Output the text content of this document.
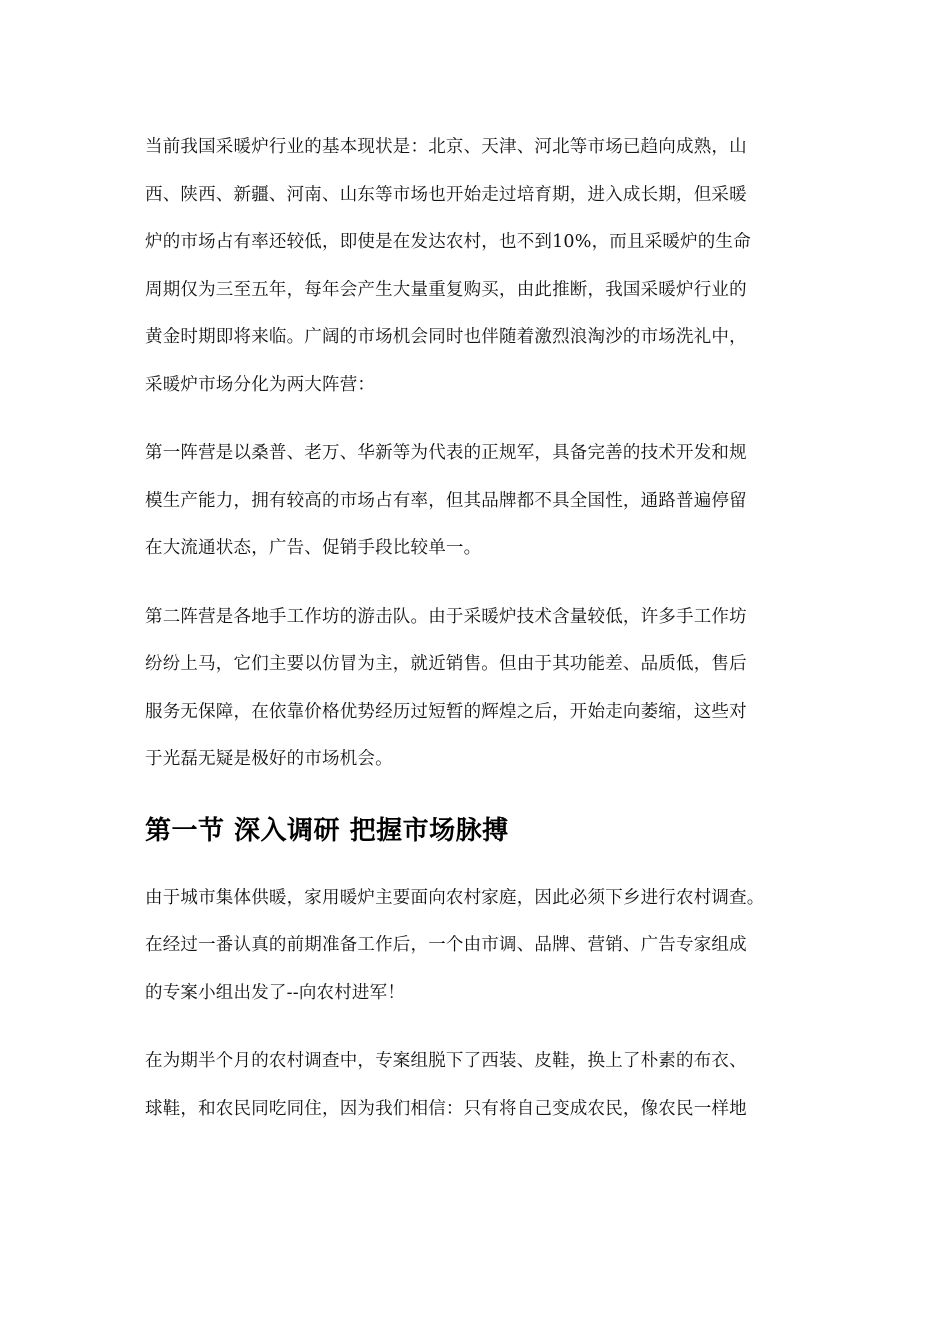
当前我国采暖炉行业的基本现状是：北京、天津、河北等市场已趋向成熟，山
西、陕西、新疆、河南、山东等市场也开始走过培育期，进入成长期，但采暖
炉的市场占有率还较低，即使是在发达农村，也不到10%，而且采暖炉的生命
周期仅为三至五年，每年会产生大量重复购买，由此推断，我国采暖炉行业的
黄金时期即将来临。广阔的市场机会同时也伴随着激烈浪淘沙的市场洗礼中，
采暖炉市场分化为两大阵营：
第一阵营是以桑普、老万、华新等为代表的正规军，具备完善的技术开发和规
模生产能力，拥有较高的市场占有率，但其品牌都不具全国性，通路普遍停留
在大流通状态，广告、促销手段比较单一。
第二阵营是各地手工作坊的游击队。由于采暖炉技术含量较低，许多手工作坊
纷纷上马，它们主要以仿冒为主，就近销售。但由于其功能差、品质低，售后
服务无保障，在依靠价格优势经历过短暂的辉煌之后，开始走向萎缩，这些对
于光磊无疑是极好的市场机会。
第一节 深入调研 把握市场脉搏
由于城市集体供暖，家用暖炉主要面向农村家庭，因此必须下乡进行农村调查。
在经过一番认真的前期准备工作后，一个由市调、品牌、营销、广告专家组成
的专案小组出发了--向农村进军！
在为期半个月的农村调查中，专案组脱下了西装、皮鞋，换上了朴素的布衣、
球鞋，和农民同吃同住，因为我们相信：只有将自己变成农民，像农民一样地
